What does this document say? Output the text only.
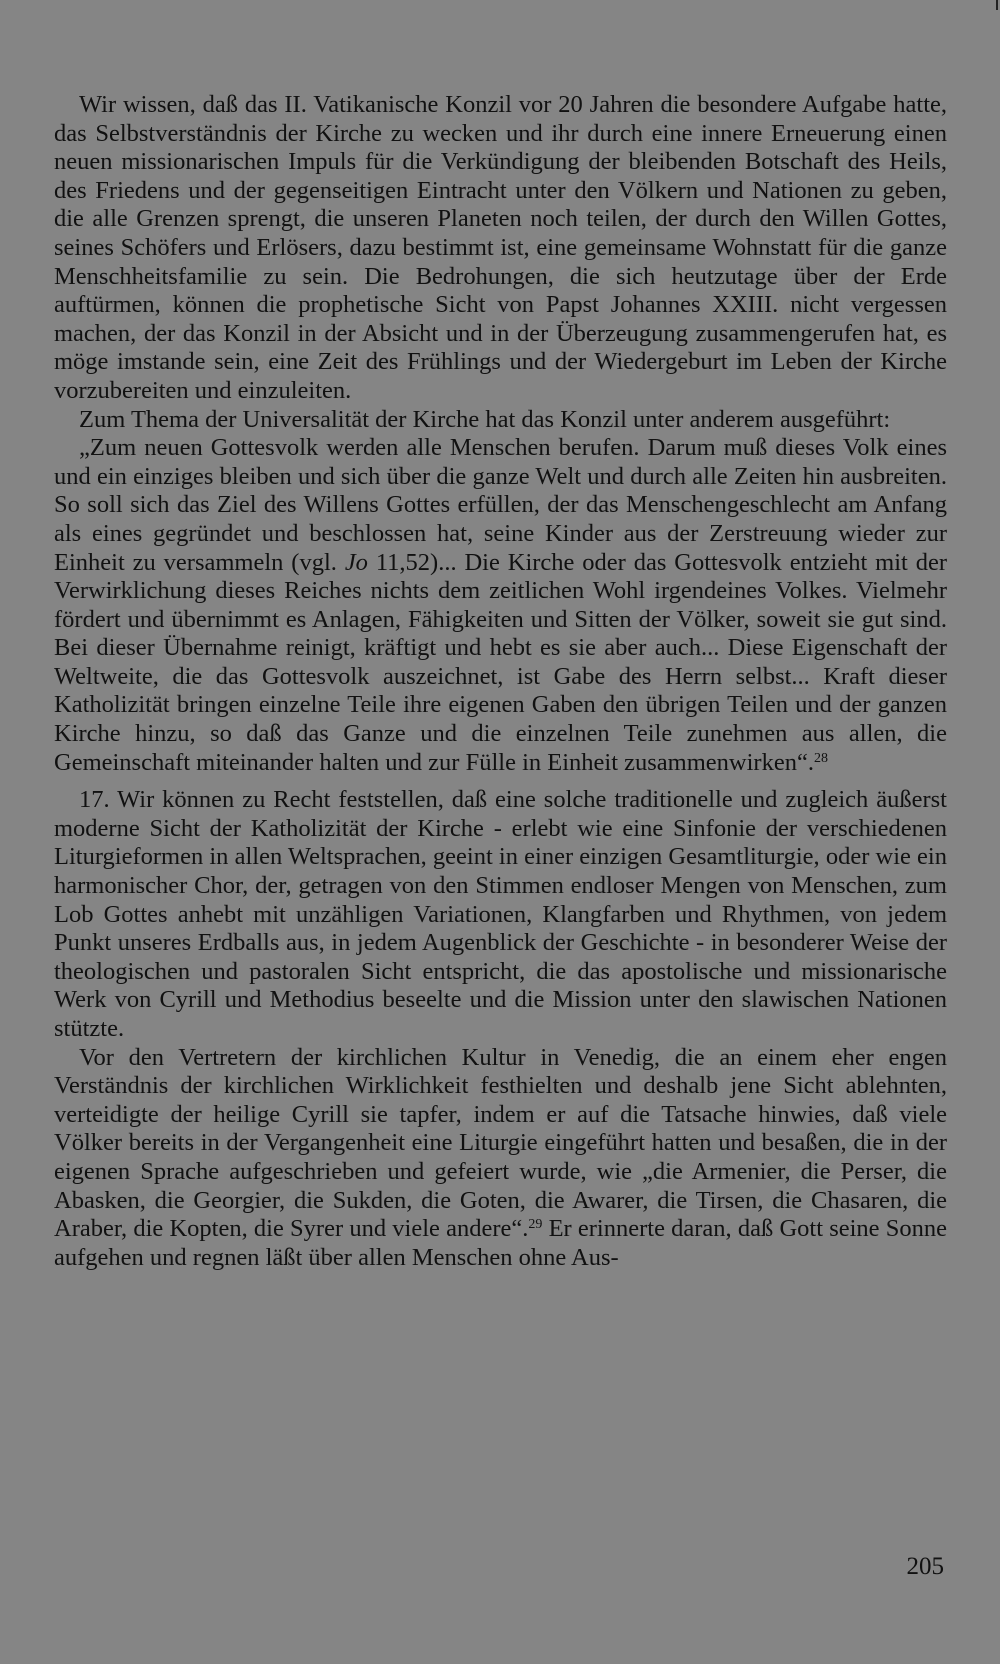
Wir wissen, daß das II. Vatikanische Konzil vor 20 Jahren die besondere Aufgabe hatte, das Selbstverständnis der Kirche zu wecken und ihr durch eine innere Erneuerung einen neuen missionarischen Impuls für die Verkündigung der bleibenden Botschaft des Heils, des Friedens und der gegenseitigen Eintracht unter den Völkern und Nationen zu geben, die alle Grenzen sprengt, die unseren Planeten noch teilen, der durch den Willen Gottes, seines Schöfers und Erlösers, dazu bestimmt ist, eine gemeinsame Wohnstatt für die ganze Menschheitsfamilie zu sein. Die Bedrohungen, die sich heutzutage über der Erde auftürmen, können die prophetische Sicht von Papst Johannes XXIII. nicht vergessen machen, der das Konzil in der Absicht und in der Überzeugung zusammengerufen hat, es möge imstande sein, eine Zeit des Frühlings und der Wiedergeburt im Leben der Kirche vorzubereiten und einzuleiten.

Zum Thema der Universalität der Kirche hat das Konzil unter anderem ausgeführt:

„Zum neuen Gottesvolk werden alle Menschen berufen. Darum muß dieses Volk eines und ein einziges bleiben und sich über die ganze Welt und durch alle Zeiten hin ausbreiten. So soll sich das Ziel des Willens Gottes erfüllen, der das Menschengeschlecht am Anfang als eines gegründet und beschlossen hat, seine Kinder aus der Zerstreuung wieder zur Einheit zu versammeln (vgl. Jo 11,52)... Die Kirche oder das Gottesvolk entzieht mit der Verwirklichung dieses Reiches nichts dem zeitlichen Wohl irgendeines Volkes. Vielmehr fördert und übernimmt es Anlagen, Fähigkeiten und Sitten der Völker, soweit sie gut sind. Bei dieser Übernahme reinigt, kräftigt und hebt es sie aber auch... Diese Eigenschaft der Weltweite, die das Gottesvolk auszeichnet, ist Gabe des Herrn selbst... Kraft dieser Katholizität bringen einzelne Teile ihre eigenen Gaben den übrigen Teilen und der ganzen Kirche hinzu, so daß das Ganze und die einzelnen Teile zunehmen aus allen, die Gemeinschaft miteinander halten und zur Fülle in Einheit zusammenwirken“.$^{28}$

17. Wir können zu Recht feststellen, daß eine solche traditionelle und zugleich äußerst moderne Sicht der Katholizität der Kirche - erlebt wie eine Sinfonie der verschiedenen Liturgieformen in allen Weltsprachen, geeint in einer einzigen Gesamtliturgie, oder wie ein harmonischer Chor, der, getragen von den Stimmen endloser Mengen von Menschen, zum Lob Gottes anhebt mit unzähligen Variationen, Klangfarben und Rhythmen, von jedem Punkt unseres Erdballs aus, in jedem Augenblick der Geschichte - in besonderer Weise der theologischen und pastoralen Sicht entspricht, die das apostolische und missionarische Werk von Cyrill und Methodius beseelte und die Mission unter den slawischen Nationen stützte.

Vor den Vertretern der kirchlichen Kultur in Venedig, die an einem eher engen Verständnis der kirchlichen Wirklichkeit festhielten und deshalb jene Sicht ablehnten, verteidigte der heilige Cyrill sie tapfer, indem er auf die Tatsache hinwies, daß viele Völker bereits in der Vergangenheit eine Liturgie eingeführt hatten und besaßen, die in der eigenen Sprache aufgeschrieben und gefeiert wurde, wie „die Armenier, die Perser, die Abasken, die Georgier, die Sukden, die Goten, die Awarer, die Tirsen, die Chasaren, die Araber, die Kopten, die Syrer und viele andere“.$^{29}$ Er erinnerte daran, daß Gott seine Sonne aufgehen und regnen läßt über allen Menschen ohne Aus-

205
